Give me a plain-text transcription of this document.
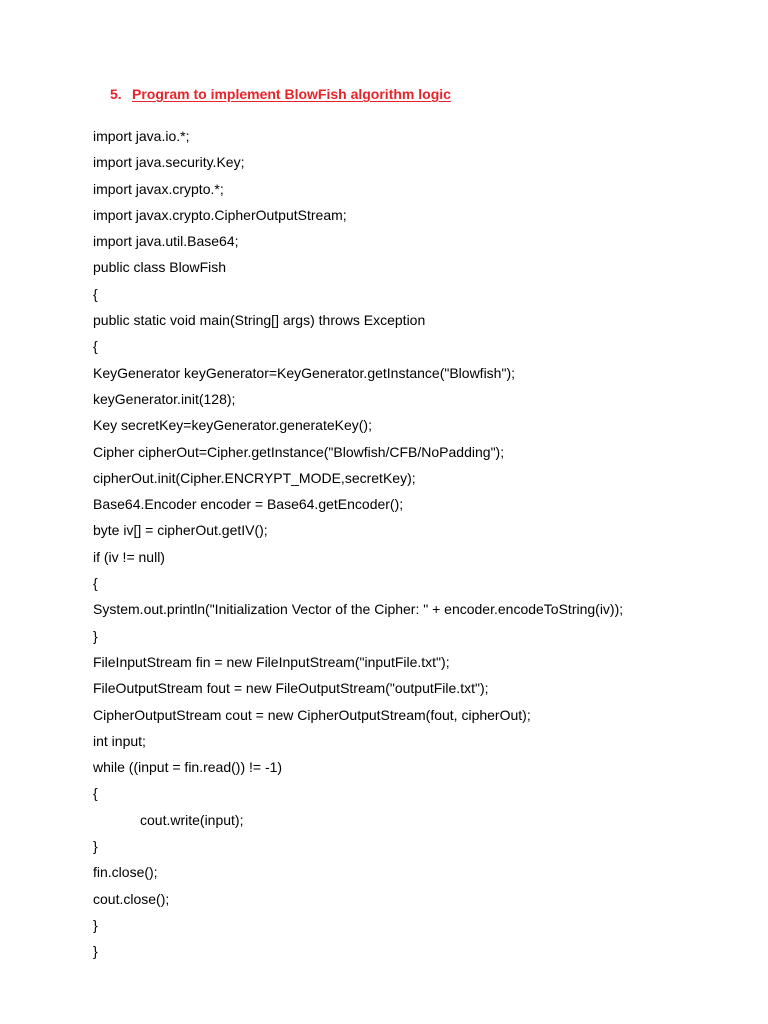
5. Program to implement BlowFish algorithm logic
import java.io.*;
import java.security.Key;
import javax.crypto.*;
import javax.crypto.CipherOutputStream;
import java.util.Base64;
public class BlowFish
{
public static void main(String[] args) throws Exception
{
KeyGenerator keyGenerator=KeyGenerator.getInstance("Blowfish");
keyGenerator.init(128);
Key secretKey=keyGenerator.generateKey();
Cipher cipherOut=Cipher.getInstance("Blowfish/CFB/NoPadding");
cipherOut.init(Cipher.ENCRYPT_MODE,secretKey);
Base64.Encoder encoder = Base64.getEncoder();
byte iv[] = cipherOut.getIV();
if (iv != null)
{
System.out.println("Initialization Vector of the Cipher: " + encoder.encodeToString(iv));
}
FileInputStream fin = new FileInputStream("inputFile.txt");
FileOutputStream fout = new FileOutputStream("outputFile.txt");
CipherOutputStream cout = new CipherOutputStream(fout, cipherOut);
int input;
while ((input = fin.read()) != -1)
{
cout.write(input);
}
fin.close();
cout.close();
}
}
